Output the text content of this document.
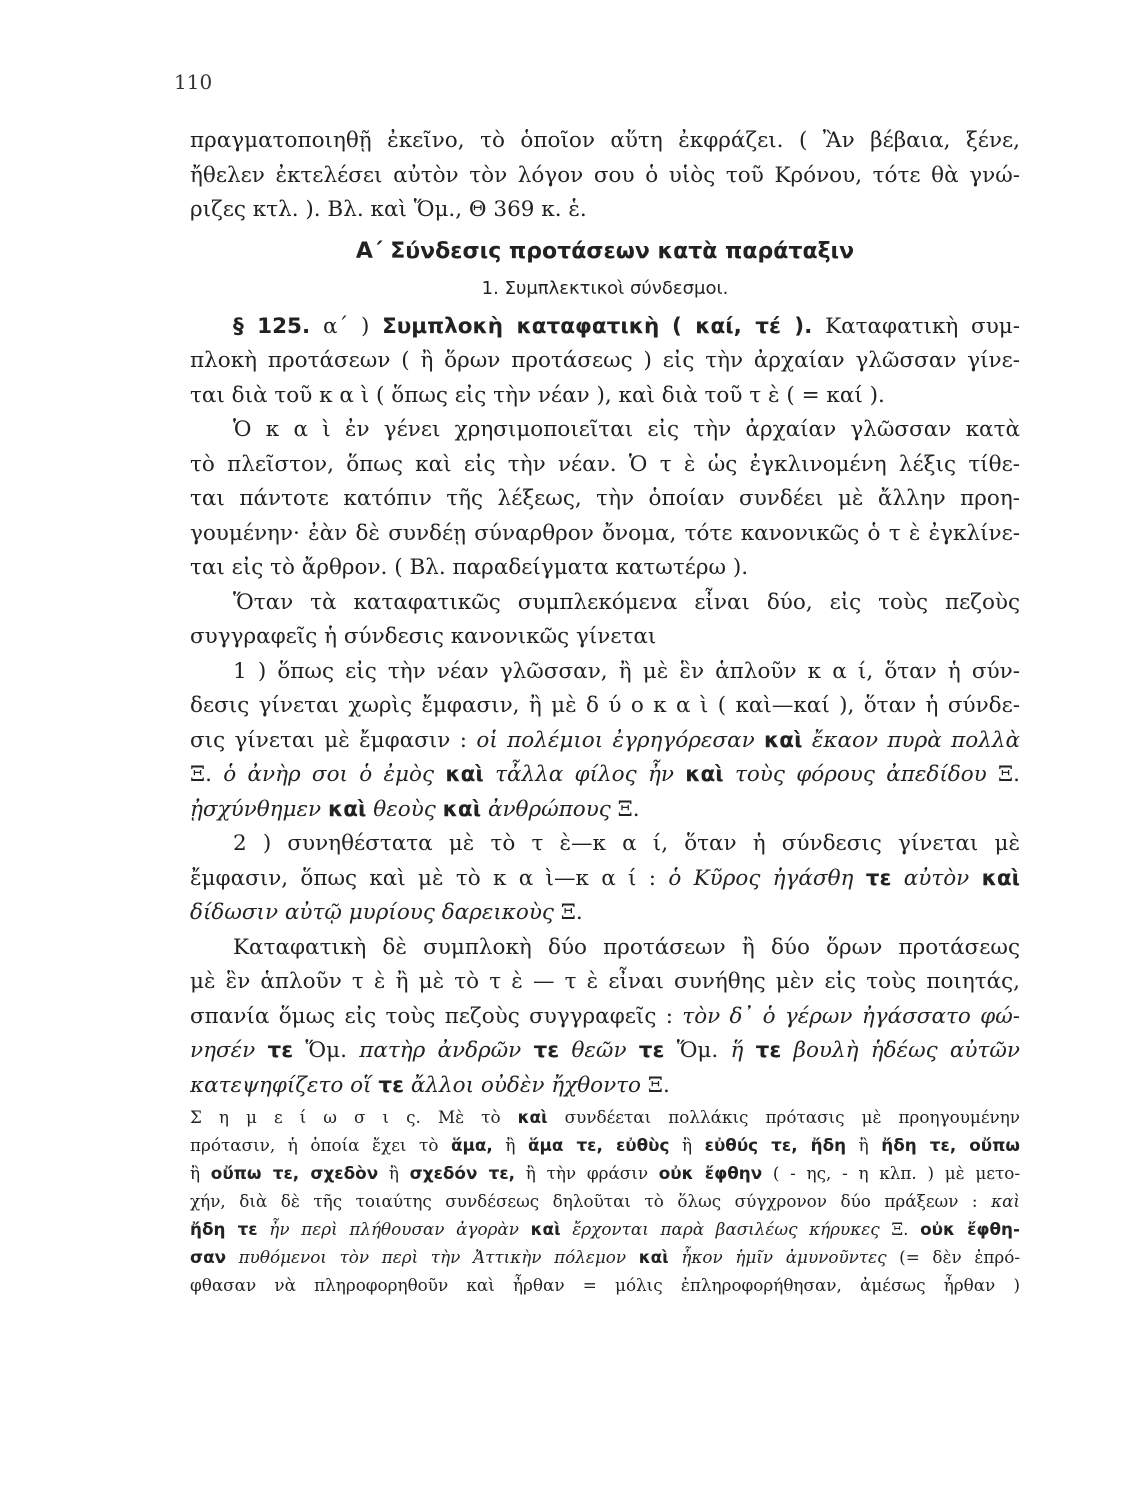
110
πραγματοποιηθῇ ἐκεῖνο, τὸ ὁποῖον αὕτη ἐκφράζει. ( Ἂν βέβαια, ξένε,
ἤθελεν ἐκτελέσει αὐτὸν τὸν λόγον σου ὁ υἱὸς τοῦ Κρόνου, τότε θὰ γνώ-
ριζες κτλ. ). Βλ. καὶ Ὅμ., Θ 369 κ. ἑ.
Α΄ Σύνδεσις προτάσεων κατὰ παράταξιν
1. Συμπλεκτικοὶ σύνδεσμοι.
§ 125. α΄ ) Συμπλοκὴ καταφατικὴ ( καί, τέ ). Καταφατικὴ συμ-
πλοκὴ προτάσεων ( ἢ ὅρων προτάσεως ) εἰς τὴν ἀρχαίαν γλῶσσαν γίνε-
ται διὰ τοῦ κ α ὶ ( ὅπως εἰς τὴν νέαν ), καὶ διὰ τοῦ τ ὲ ( = καί ).
Ὁ κ α ὶ ἐν γένει χρησιμοποιεῖται εἰς τὴν ἀρχαίαν γλῶσσαν κατὰ
τὸ πλεῖστον, ὅπως καὶ εἰς τὴν νέαν. Ὁ τ ὲ ὡς ἐγκλινομένη λέξις τίθε-
ται πάντοτε κατόπιν τῆς λέξεως, τὴν ὁποίαν συνδέει μὲ ἄλλην προη-
γουμένην· ἐὰν δὲ συνδέῃ σύναρθρον ὄνομα, τότε κανονικῶς ὁ τ ὲ ἐγκλίνε-
ται εἰς τὸ ἄρθρον. ( Βλ. παραδείγματα κατωτέρω ).
Ὅταν τὰ καταφατικῶς συμπλεκόμενα εἶναι δύο, εἰς τοὺς πεζοὺς
συγγραφεῖς ἡ σύνδεσις κανονικῶς γίνεται
1 ) ὅπως εἰς τὴν νέαν γλῶσσαν, ἢ μὲ ἓν ἁπλοῦν κ α ί, ὅταν ἡ σύν-
δεσις γίνεται χωρὶς ἔμφασιν, ἢ μὲ δ ύ ο κ α ὶ ( καὶ—καί ), ὅταν ἡ σύνδε-
σις γίνεται μὲ ἔμφασιν : οἱ πολέμιοι ἐγρηγόρεσαν καὶ ἔκαον πυρὰ πολλὰ
Ξ. ὁ ἀνὴρ σοι ὁ ἐμὸς καὶ τἆλλα φίλος ἦν καὶ τοὺς φόρους ἀπεδίδου Ξ.
ᾐσχύνθημεν καὶ θεοὺς καὶ ἀνθρώπους Ξ.
2 ) συνηθέστατα μὲ τὸ τ ὲ—κ α ί, ὅταν ἡ σύνδεσις γίνεται μὲ
ἔμφασιν, ὅπως καὶ μὲ τὸ κ α ὶ—κ α ί : ὁ Κῦρος ἠγάσθη τε αὐτὸν καὶ
δίδωσιν αὐτῷ μυρίους δαρεικοὺς Ξ.
Καταφατικὴ δὲ συμπλοκὴ δύο προτάσεων ἢ δύο ὅρων προτάσεως
μὲ ἓν ἁπλοῦν τ ὲ ἢ μὲ τὸ τ ὲ — τ ὲ εἶναι συνήθης μὲν εἰς τοὺς ποιητάς,
σπανία ὅμως εἰς τοὺς πεζοὺς συγγραφεῖς : τὸν δ᾽ ὁ γέρων ἠγάσσατο φώ-
νησέν τε Ὅμ. πατὴρ ἀνδρῶν τε θεῶν τε Ὅμ. ἥ τε βουλὴ ἡδέως αὐτῶν
κατεψηφίζετο οἵ τε ἄλλοι οὐδὲν ἤχθοντο Ξ.
Σ η μ ε ί ω σ ι ς. Μὲ τὸ καὶ συνδέεται πολλάκις πρότασις μὲ προηγουμένην
πρότασιν, ἡ ὁποία ἔχει τὸ ἅμα, ἢ ἅμα τε, εὐθὺς ἢ εὐθύς τε, ἤδη ἢ ἤδη τε, οὔπω
ἢ οὔπω τε, σχεδὸν ἢ σχεδόν τε, ἢ τὴν φράσιν οὐκ ἔφθην ( - ης, - η κλπ. ) μὲ μετο-
χήν, διὰ δὲ τῆς τοιαύτης συνδέσεως δηλοῦται τὸ ὅλως σύγχρονον δύο πράξεων : καὶ
ἤδη τε ἦν περὶ πλήθουσαν ἀγορὰν καὶ ἔρχονται παρὰ βασιλέως κήρυκες Ξ. οὐκ ἔφθη-
σαν πυθόμενοι τὸν περὶ τὴν Ἀττικὴν πόλεμον καὶ ἧκον ἡμῖν ἀμυνοῦντες (= δὲν ἐπρό-
φθασαν νὰ πληροφορηθοῦν καὶ ἦρθαν = μόλις ἐπληροφορήθησαν, ἀμέσως ἦρθαν )
